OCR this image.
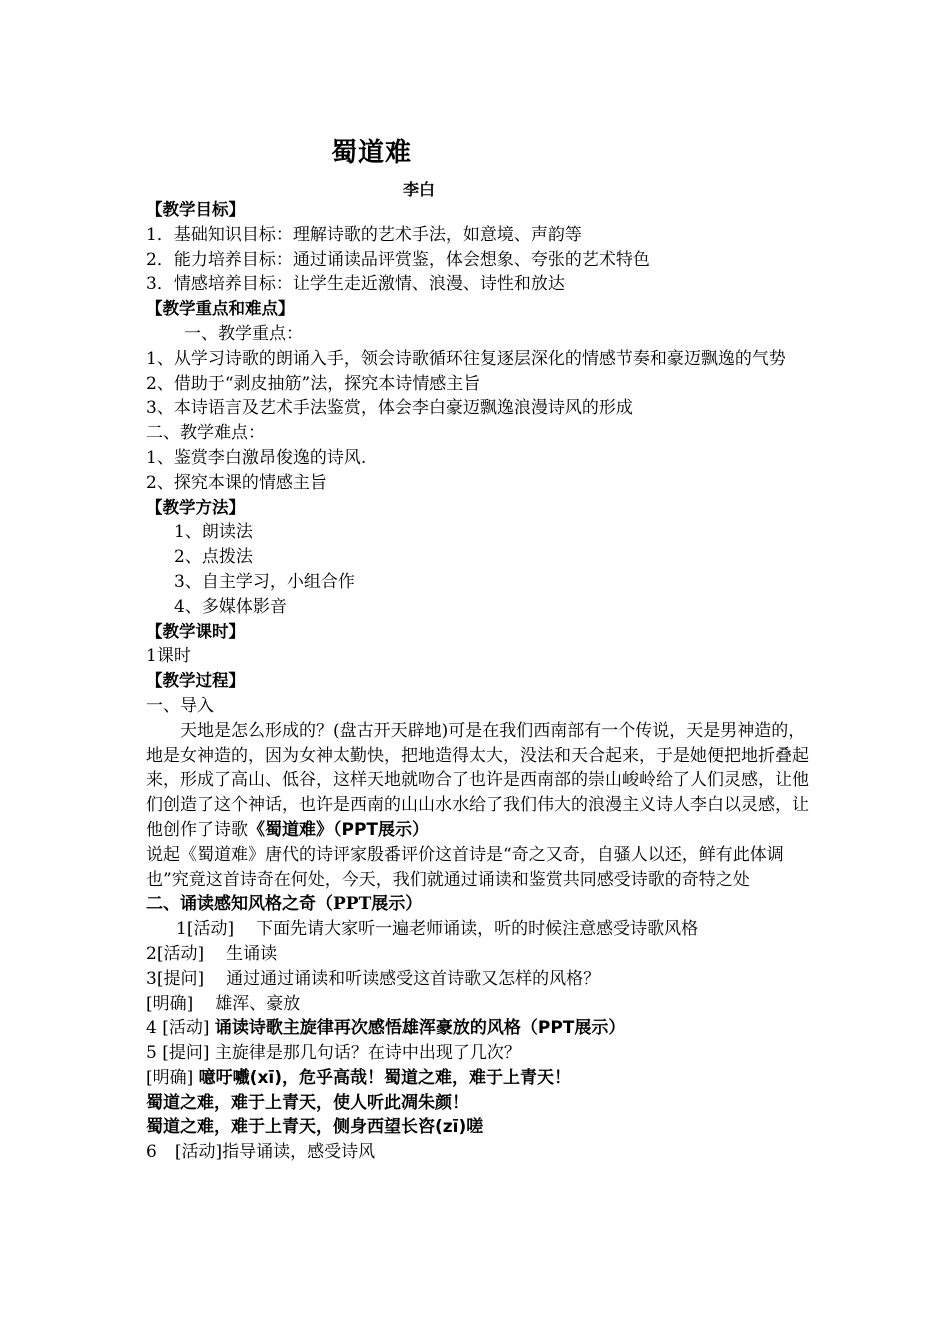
蜀道难
李白

【教学目标】

1．基础知识目标：理解诗歌的艺术手法，如意境、声韵等

2．能力培养目标：通过诵读品评赏鉴，体会想象、夸张的艺术特色

3．情感培养目标：让学生走近激情、浪漫、诗性和放达

【教学重点和难点】

一、教学重点：

1、从学习诗歌的朗诵入手，领会诗歌循环往复逐层深化的情感节奏和豪迈飘逸的气势

2、借助于“剥皮抽筋”法，探究本诗情感主旨

3、本诗语言及艺术手法鉴赏，体会李白豪迈飘逸浪漫诗风的形成

二、教学难点：

1、鉴赏李白激昂俊逸的诗风.

2、探究本课的情感主旨

【教学方法】

1、朗读法

2、点拨法

3、自主学习，小组合作

4、多媒体影音

【教学课时】

1课时

【教学过程】

一、导入

天地是怎么形成的？(盘古开天辟地)可是在我们西南部有一个传说，天是男神造的，地是女神造的，因为女神太勤快，把地造得太大，没法和天合起来，于是她便把地折叠起来，形成了高山、低谷，这样天地就吻合了也许是西南部的崇山峻岭给了人们灵感，让他们创造了这个神话，也许是西南的山山水水给了我们伟大的浪漫主义诗人李白以灵感，让他创作了诗歌《蜀道难》（PPT展示）

说起《蜀道难》唐代的诗评家殷番评价这首诗是“奇之又奇，自骚人以还，鲜有此体调也”究竟这首诗奇在何处，今天，我们就通过诵读和鉴赏共同感受诗歌的奇特之处

二、诵读感知风格之奇（PPT展示）

1[活动] 下面先请大家听一遍老师诵读，听的时候注意感受诗歌风格

2[活动] 生诵读

3[提问] 通过通过诵读和听读感受这首诗歌又怎样的风格？

[明确] 雄浑、豪放

4 [活动] 诵读诗歌主旋律再次感悟雄浑豪放的风格（PPT展示）

5 [提问] 主旋律是那几句话？在诗中出现了几次？

[明确] 噫吁嚱(xī)，危乎高哉！蜀道之难，难于上青天！

蜀道之难，难于上青天，使人听此凋朱颜！

蜀道之难，难于上青天，侧身西望长咨(zī)嗟

6 [活动]指导诵读，感受诗风
